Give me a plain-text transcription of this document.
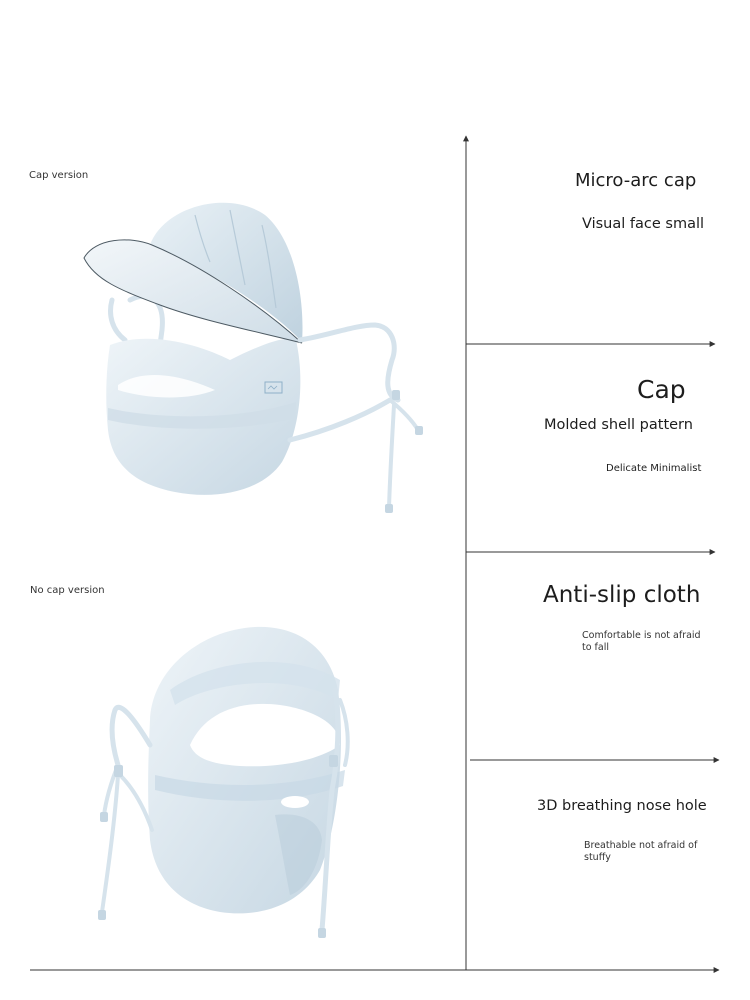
Cap version
No cap version
Micro-arc cap
Visual face small
Cap
Molded shell pattern
Delicate Minimalist
Anti-slip cloth
Comfortable is not afraid to fall
3D breathing nose hole
Breathable not afraid of stuffy
